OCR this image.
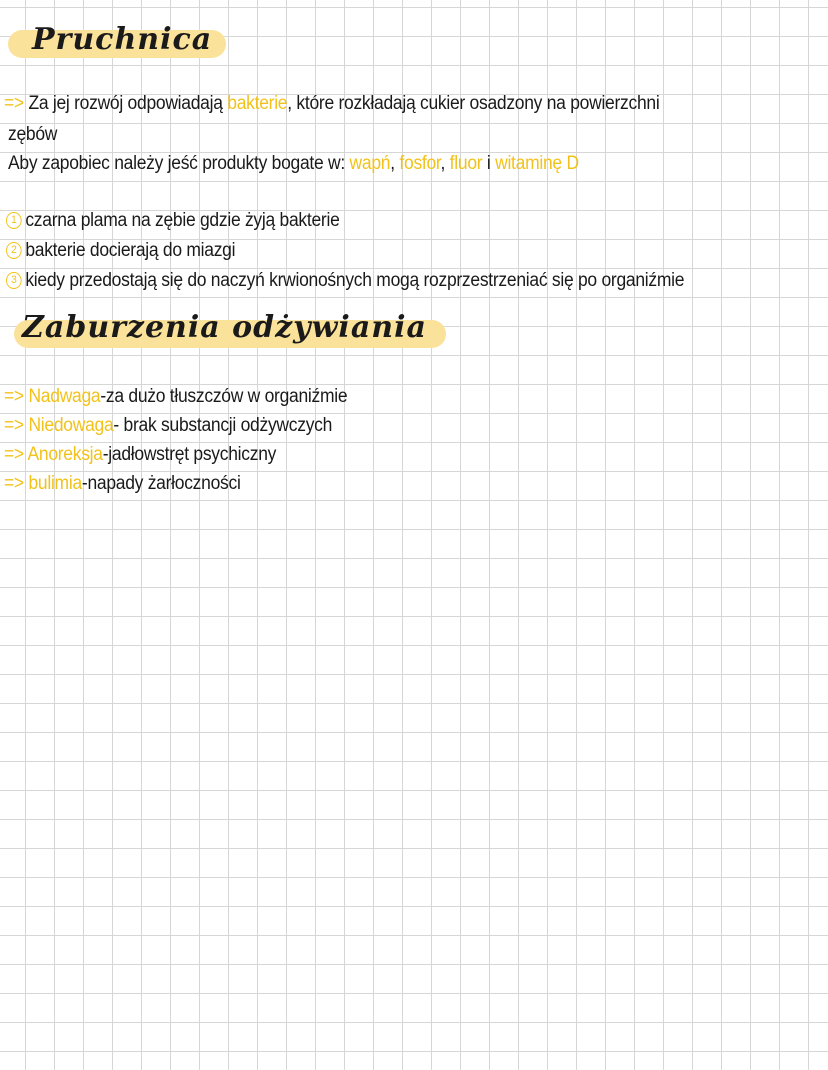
Pruchnica
=> Za jej rozwój odpowiadają bakterie, które rozkładają cukier osadzony na powierzchni
zębów
Aby zapobiec należy jeść produkty bogate w: wapń, fosfor, fluor i witaminę D
1 czarna plama na zębie gdzie żyją bakterie
2 bakterie docierają do miazgi
3 kiedy przedostają się do naczyń krwionośnych mogą rozprzestrzeniać się po organiźmie
Zaburzenia odżywiania
=> Nadwaga-za dużo tłuszczów w organiźmie
=> Niedowaga- brak substancji odżywczych
=> Anoreksja-jadłowstręt psychiczny
=> bulimia-napady żarłoczności
